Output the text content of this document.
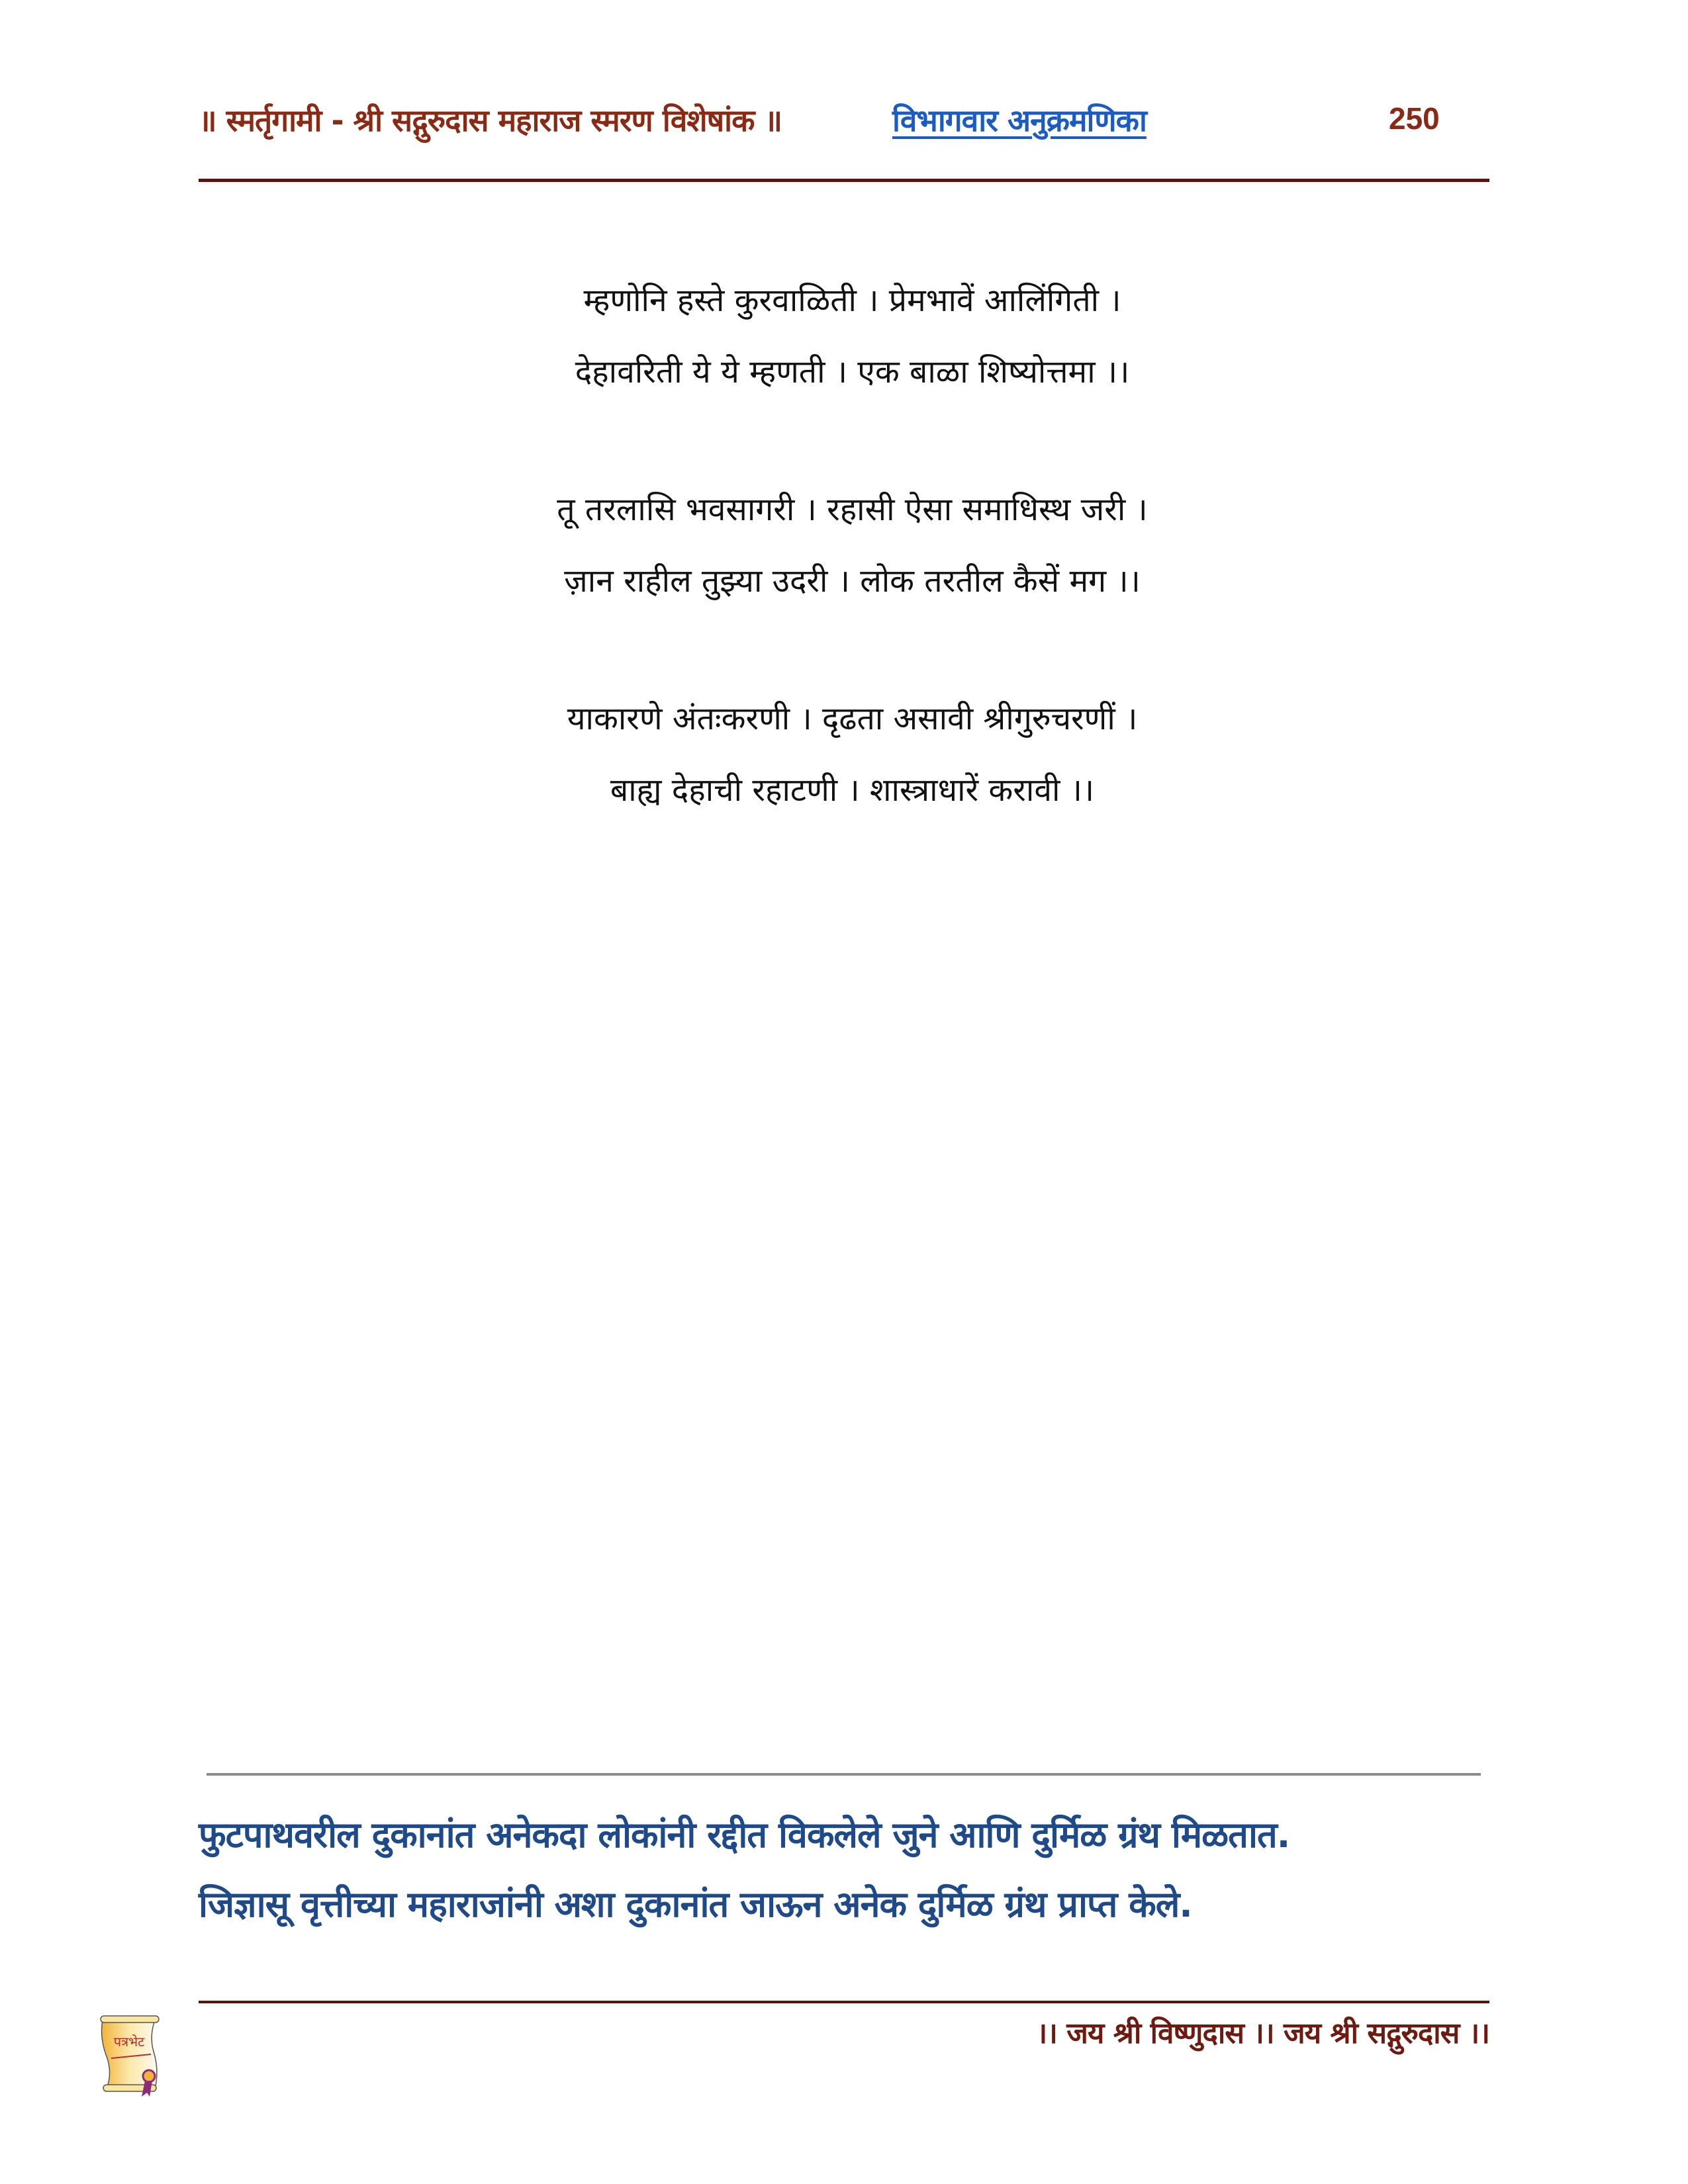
॥ स्मर्तृगामी - श्री सद्गुरुदास महाराज स्मरण विशेषांक ॥	विभागवार अनुक्रमणिका	250
म्हणोनि हस्ते कुरवाळिती । प्रेमभावें आलिंगिती ।
देहावरिती ये ये म्हणती । एक बाळा शिष्योत्तमा ।।
तू तरलासि भवसागरी । रहासी ऐसा समाधिस्थ जरी ।
ज़ान राहील तुझ्या उदरी । लोक तरतील कैसें मग ।।
याकारणे अंतःकरणी । दृढता असावी श्रीगुरुचरणीं ।
बाह्य देहाची रहाटणी । शास्त्राधारें करावी ।।
फुटपाथवरील दुकानांत अनेकदा लोकांनी रद्दीत विकलेले जुने आणि दुर्मिळ ग्रंथ मिळतात.
जिज्ञासू वृत्तीच्या महाराजांनी अशा दुकानांत जाऊन अनेक दुर्मिळ ग्रंथ प्राप्त केले.
पत्रभेट	।। जय श्री विष्णुदास ।। जय श्री सद्गुरुदास ।।
